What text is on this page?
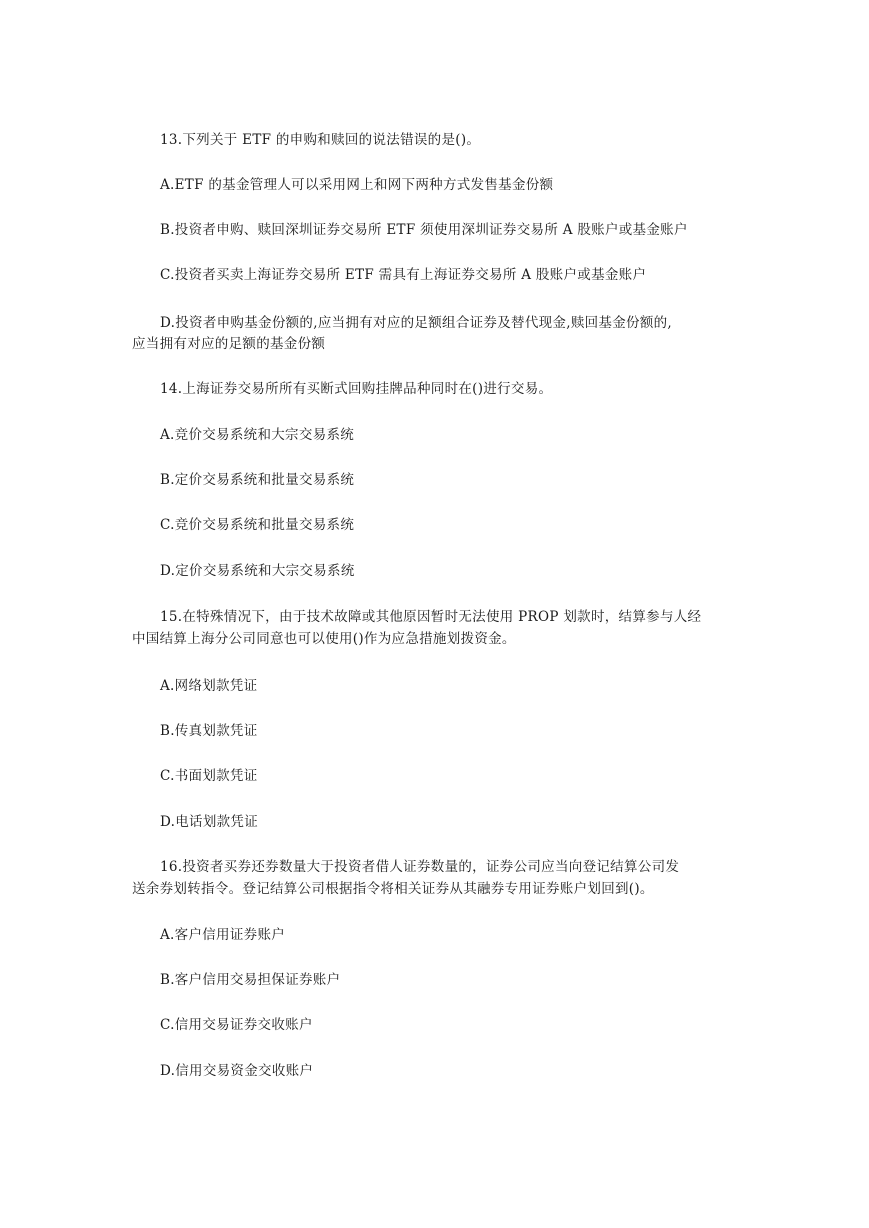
13.下列关于 ETF 的申购和赎回的说法错误的是()。
A.ETF 的基金管理人可以采用网上和网下两种方式发售基金份额
B.投资者申购、赎回深圳证券交易所 ETF 须使用深圳证券交易所 A 股账户或基金账户
C.投资者买卖上海证券交易所 ETF 需具有上海证券交易所 A 股账户或基金账户
D.投资者申购基金份额的,应当拥有对应的足额组合证券及替代现金,赎回基金份额的,
应当拥有对应的足额的基金份额
14.上海证券交易所所有买断式回购挂牌品种同时在()进行交易。
A.竞价交易系统和大宗交易系统
B.定价交易系统和批量交易系统
C.竞价交易系统和批量交易系统
D.定价交易系统和大宗交易系统
15.在特殊情况下，由于技术故障或其他原因暂时无法使用 PROP 划款时，结算参与人经
中国结算上海分公司同意也可以使用()作为应急措施划拨资金。
A.网络划款凭证
B.传真划款凭证
C.书面划款凭证
D.电话划款凭证
16.投资者买券还券数量大于投资者借人证券数量的，证券公司应当向登记结算公司发
送余券划转指令。登记结算公司根据指令将相关证券从其融券专用证券账户划回到()。
A.客户信用证券账户
B.客户信用交易担保证券账户
C.信用交易证券交收账户
D.信用交易资金交收账户
